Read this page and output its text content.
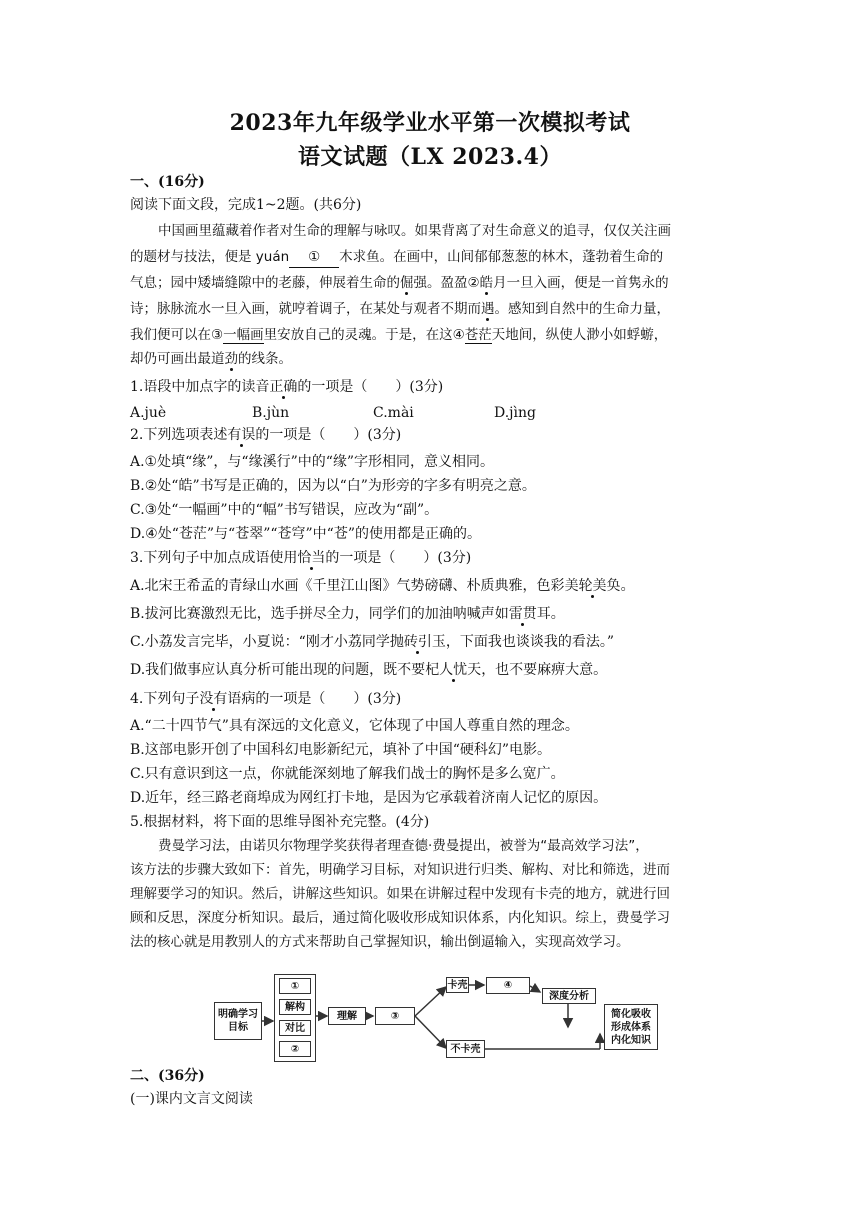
2023年九年级学业水平第一次模拟考试
语文试题（LX 2023.4）
一、(16分)
阅读下面文段，完成1~2题。(共6分)
中国画里蕴藏着作者对生命的理解与咏叹。如果背离了对生命意义的追寻，仅仅关注画
的题材与技法，便是 yuán ① 木求鱼。在画中，山间郁郁葱葱的林木，蓬勃着生命的
气息；园中矮墙缝隙中的老藤，伸展着生命的倔强。盈盈②皓月一旦入画，便是一首隽永的
诗；脉脉流水一旦入画，就哼着调子，在某处与观者不期而遇。感知到自然中的生命力量，
我们便可以在③一幅画里安放自己的灵魂。于是，在这④苍茫天地间，纵使人渺小如蜉蝣，
却仍可画出最道劲的线条。
1.语段中加点字的读音正确的一项是（　　）(3分)
A.juè	B.jùn	C.mài	D.jìng
2.下列选项表述有误的一项是（　　）(3分)
A.①处填“缘”，与“缘溪行”中的“缘”字形相同，意义相同。
B.②处“皓”书写是正确的，因为以“白”为形旁的字多有明亮之意。
C.③处“一幅画”中的“幅”书写错误，应改为“副”。
D.④处“苍茫”与“苍翠”“苍穹”中“苍”的使用都是正确的。
3.下列句子中加点成语使用恰当的一项是（　　）(3分)
A.北宋王希孟的青绿山水画《千里江山图》气势磅礴、朴质典雅，色彩美轮美奂。
B.拔河比赛激烈无比，选手拼尽全力，同学们的加油呐喊声如雷贯耳。
C.小荔发言完毕，小夏说：“刚才小荔同学抛砖引玉，下面我也谈谈我的看法。”
D.我们做事应认真分析可能出现的问题，既不要杞人忧天，也不要麻痹大意。
4.下列句子没有语病的一项是（　　）(3分)
A.“二十四节气”具有深远的文化意义，它体现了中国人尊重自然的理念。
B.这部电影开创了中国科幻电影新纪元，填补了中国“硬科幻”电影。
C.只有意识到这一点，你就能深刻地了解我们战士的胸怀是多么宽广。
D.近年，经三路老商埠成为网红打卡地，是因为它承载着济南人记忆的原因。
5.根据材料，将下面的思维导图补充完整。(4分)
费曼学习法，由诺贝尔物理学奖获得者理查德·费曼提出，被誉为“最高效学习法”，
该方法的步骤大致如下：首先，明确学习目标，对知识进行归类、解构、对比和筛选，进而
理解要学习的知识。然后，讲解这些知识。如果在讲解过程中发现有卡壳的地方，就进行回
顾和反思，深度分析知识。最后，通过简化吸收形成知识体系，内化知识。综上，费曼学习
法的核心就是用教别人的方式来帮助自己掌握知识，输出倒逼输入，实现高效学习。
明确学习目标
①
解构
对比
②
理解	③
卡壳	④
深度分析
不卡壳
简化吸收形成体系内化知识
二、(36分)
(一)课内文言文阅读
